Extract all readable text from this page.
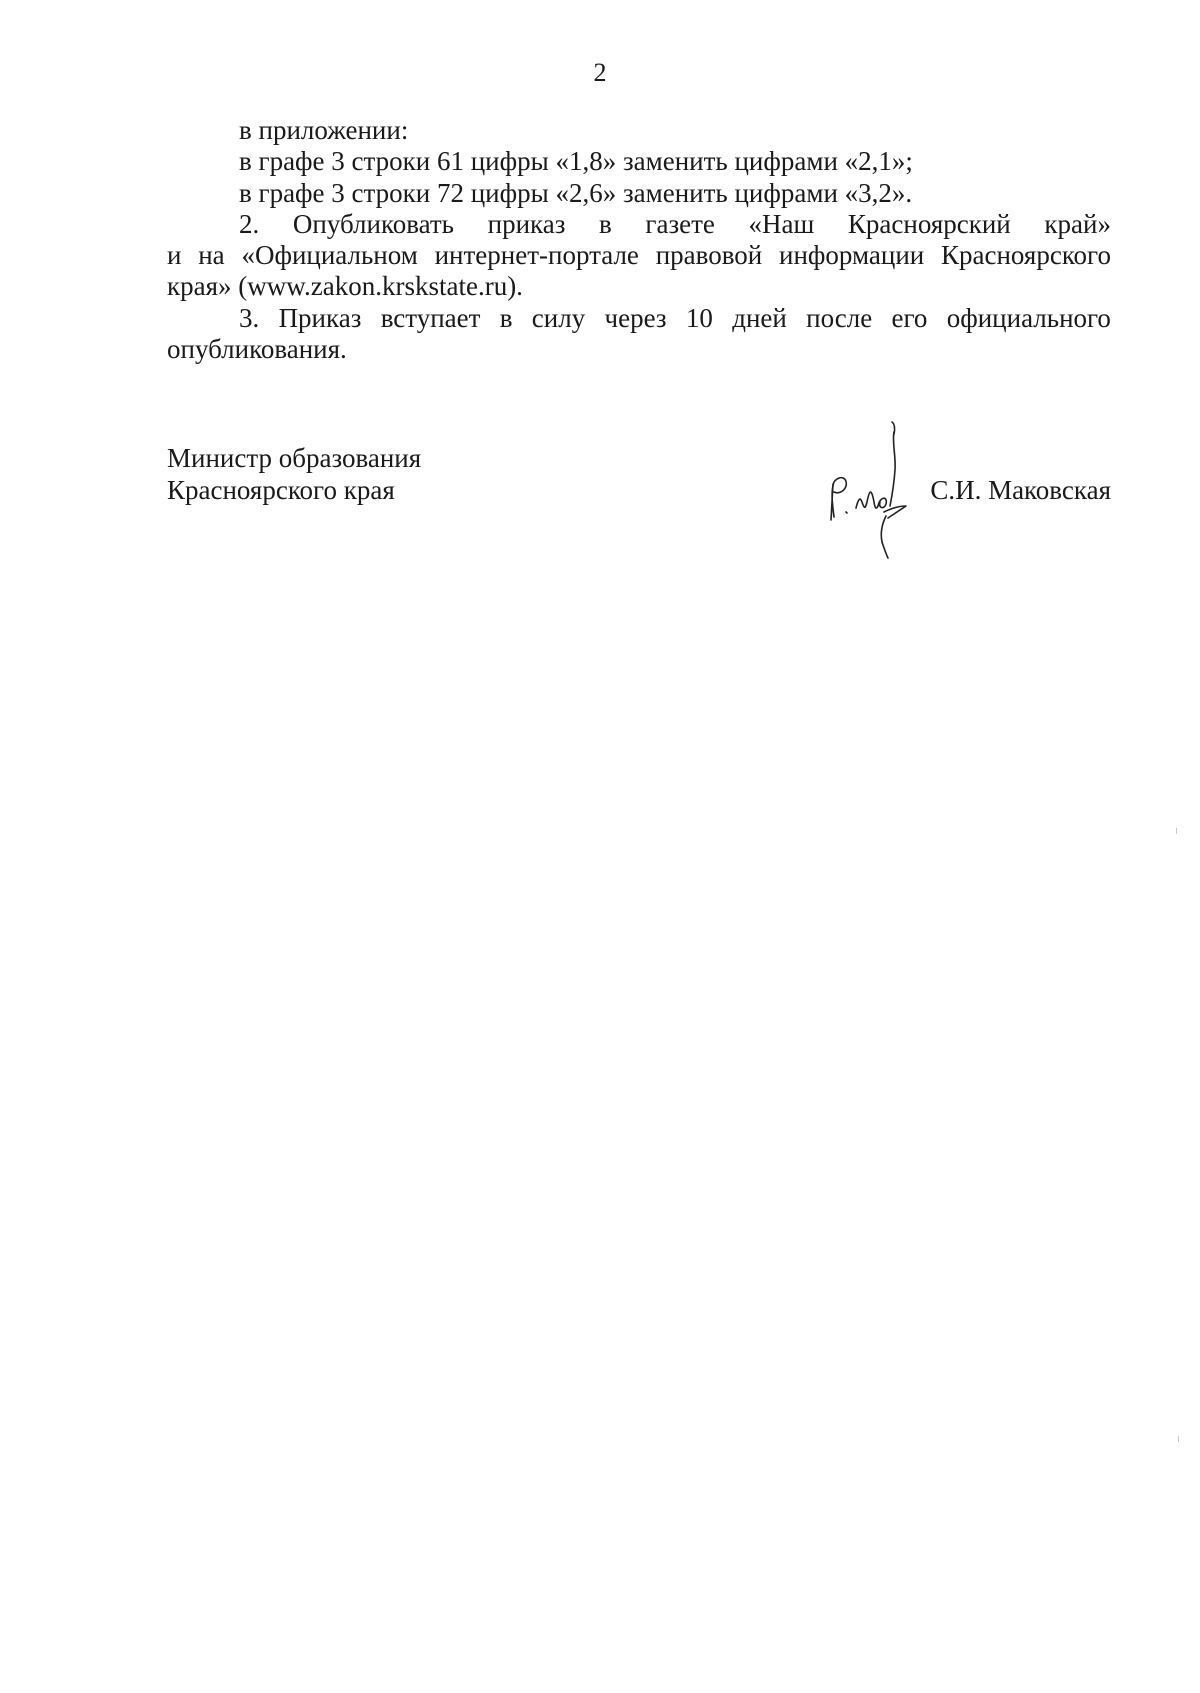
2
в приложении:
в графе 3 строки 61 цифры «1,8» заменить цифрами «2,1»;
в графе 3 строки 72 цифры «2,6» заменить цифрами «3,2».
2. Опубликовать приказ в газете «Наш Красноярский край»
и на «Официальном интернет-портале правовой информации Красноярского
края» (www.zakon.krskstate.ru).
3. Приказ вступает в силу через 10 дней после его официального
опубликования.
Министр образования
Красноярского края	С.И. Маковская
